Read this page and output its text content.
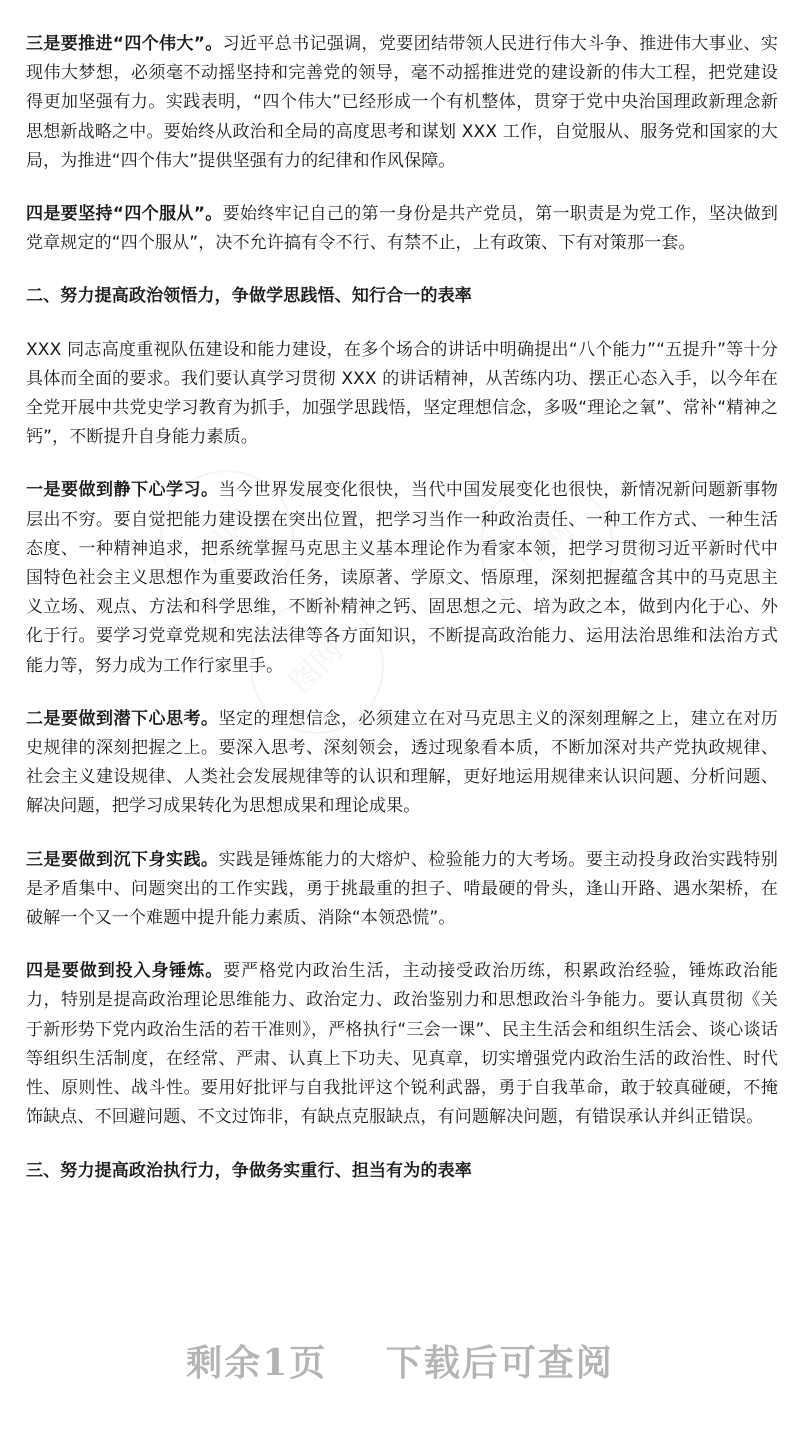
图网	图网
图网

三是要推进“四个伟大”。习近平总书记强调，党要团结带领人民进行伟大斗争、推进伟大事业、实现伟大梦想，必须毫不动摇坚持和完善党的领导，毫不动摇推进党的建设新的伟大工程，把党建设得更加坚强有力。实践表明，“四个伟大”已经形成一个有机整体，贯穿于党中央治国理政新理念新思想新战略之中。要始终从政治和全局的高度思考和谋划 XXX 工作，自觉服从、服务党和国家的大局，为推进“四个伟大”提供坚强有力的纪律和作风保障。

四是要坚持“四个服从”。要始终牢记自己的第一身份是共产党员，第一职责是为党工作，坚决做到党章规定的“四个服从”，决不允许搞有令不行、有禁不止，上有政策、下有对策那一套。

二、努力提高政治领悟力，争做学思践悟、知行合一的表率

XXX 同志高度重视队伍建设和能力建设，在多个场合的讲话中明确提出“八个能力”“五提升”等十分具体而全面的要求。我们要认真学习贯彻 XXX 的讲话精神，从苦练内功、摆正心态入手，以今年在全党开展中共党史学习教育为抓手，加强学思践悟，坚定理想信念，多吸“理论之氧”、常补“精神之钙”，不断提升自身能力素质。

一是要做到静下心学习。当今世界发展变化很快，当代中国发展变化也很快，新情况新问题新事物层出不穷。要自觉把能力建设摆在突出位置，把学习当作一种政治责任、一种工作方式、一种生活态度、一种精神追求，把系统掌握马克思主义基本理论作为看家本领，把学习贯彻习近平新时代中国特色社会主义思想作为重要政治任务，读原著、学原文、悟原理，深刻把握蕴含其中的马克思主义立场、观点、方法和科学思维，不断补精神之钙、固思想之元、培为政之本，做到内化于心、外化于行。要学习党章党规和宪法法律等各方面知识，不断提高政治能力、运用法治思维和法治方式能力等，努力成为工作行家里手。

二是要做到潜下心思考。坚定的理想信念，必须建立在对马克思主义的深刻理解之上，建立在对历史规律的深刻把握之上。要深入思考、深刻领会，透过现象看本质，不断加深对共产党执政规律、社会主义建设规律、人类社会发展规律等的认识和理解，更好地运用规律来认识问题、分析问题、解决问题，把学习成果转化为思想成果和理论成果。

三是要做到沉下身实践。实践是锤炼能力的大熔炉、检验能力的大考场。要主动投身政治实践特别是矛盾集中、问题突出的工作实践，勇于挑最重的担子、啃最硬的骨头，逢山开路、遇水架桥，在破解一个又一个难题中提升能力素质、消除“本领恐慌”。

四是要做到投入身锤炼。要严格党内政治生活，主动接受政治历练，积累政治经验，锤炼政治能 力，特别是提高政治理论思维能力、政治定力、政治鉴别力和思想政治斗争能力。要认真贯彻《关于新形势下党内政治生活的若干准则》，严格执行“三会一课”、民主生活会和组织生活会、谈心谈话等组织生活制度，在经常、严肃、认真上下功夫、见真章，切实增强党内政治生活的政治性、时代性、原则性、战斗性。要用好批评与自我批评这个锐利武器，勇于自我革命，敢于较真碰硬，不掩饰缺点、不回避问题、不文过饰非，有缺点克服缺点，有问题解决问题，有错误承认并纠正错误。

三、努力提高政治执行力，争做务实重行、担当有为的表率

剩余1页 下载后可查阅
